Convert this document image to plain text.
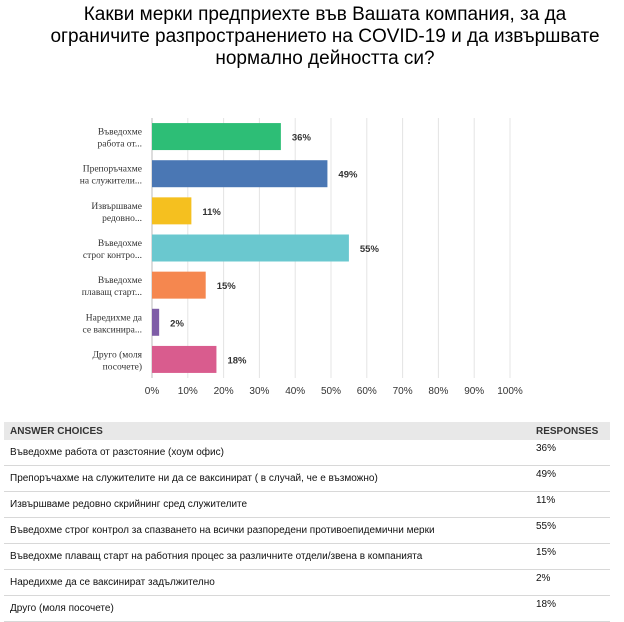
Какви мерки предприехте във Вашата компания, за да ограничите разпространението на COVID-19 и да извършвате нормално дейността си?
0% 10% 20% 30% 40% 50% 60% 70% 80% 90% 100%
Въведохме работа от...
36%
Препоръчахме на служители...
49%
Извършваме редовно...
11%
Въведохме строг контро...
55%
Въведохме плаващ старт...
15%
Наредихме да се ваксинира...
2%
Друго (моля посочете)
18%
ANSWER CHOICES	RESPONSES
Въведохме работа от разстояние (хоум офис)	36%
Препоръчахме на служителите ни да се ваксинират ( в случай, че е възможно)	49%
Извършваме редовно скрийнинг сред служителите	11%
Въведохме строг контрол за спазването на всички разпоредени противоепидемични мерки	55%
Въведохме плаващ старт на работния процес за различните отдели/звена в компанията	15%
Наредихме да се ваксинират задължително	2%
Друго (моля посочете)	18%
